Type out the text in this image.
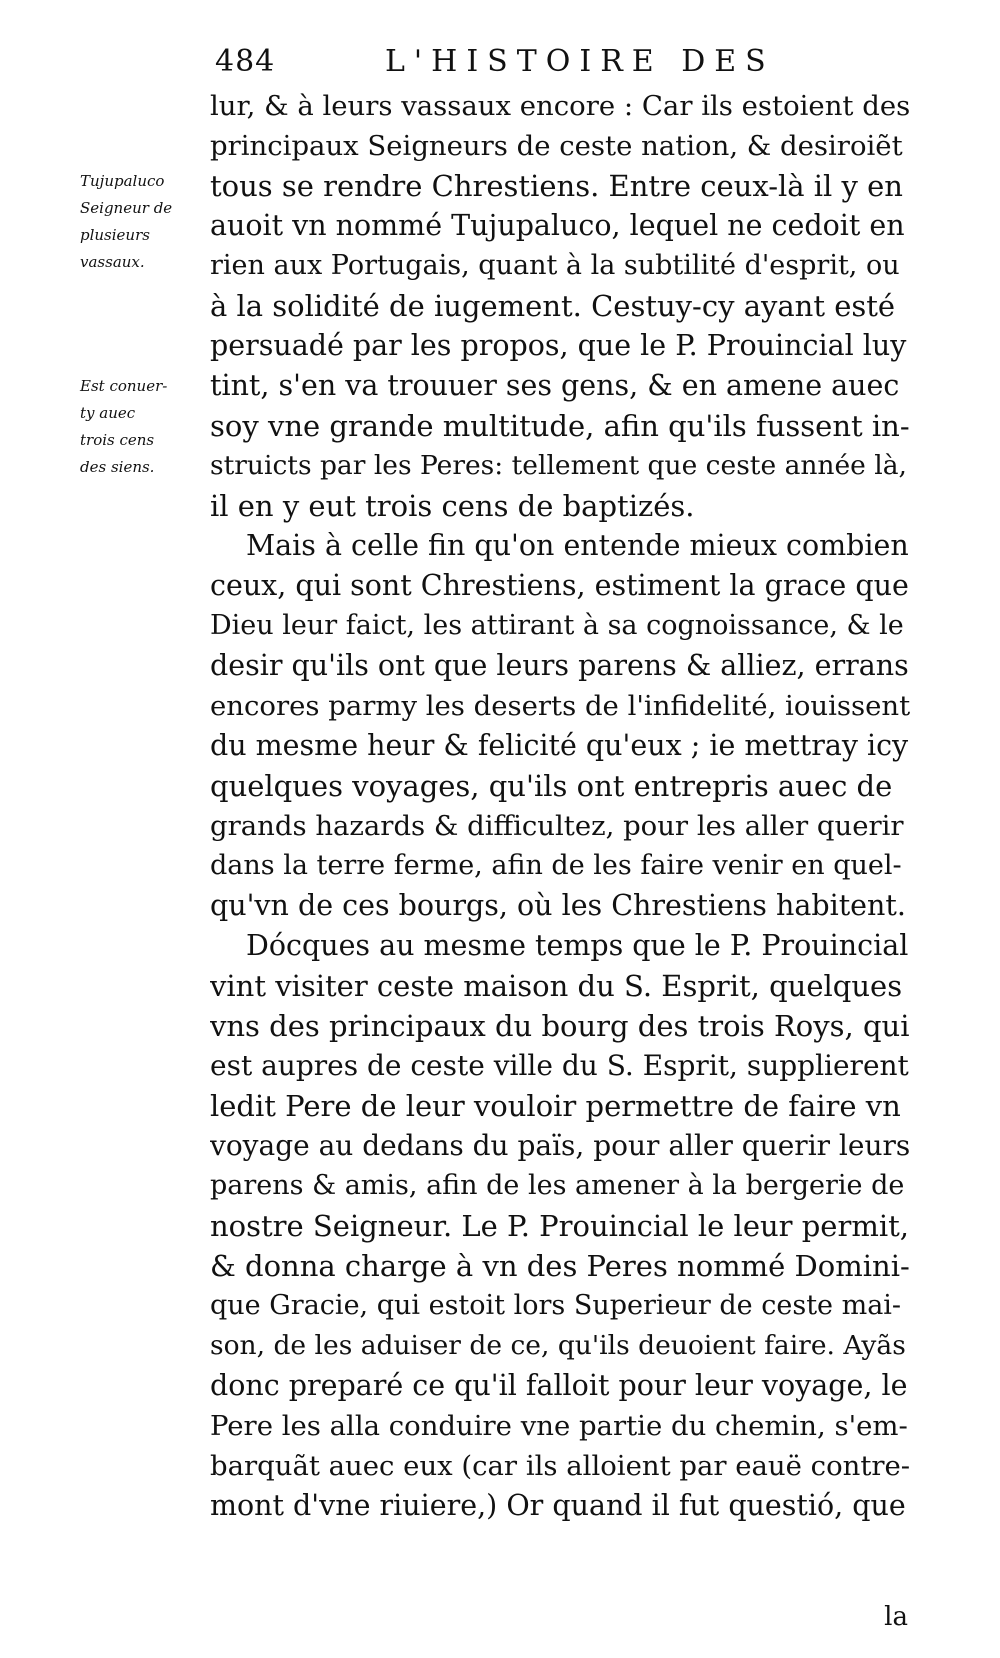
484	L'HISTOIRE DES

Tujupaluco

Seigneur de

plusieurs

vassaux.

Est conuer-

ty auec

trois cens

des siens.

lur, & à leurs vassaux encore : Car ils estoient des
principaux Seigneurs de ceste nation, & desiroiẽt
tous se rendre Chrestiens. Entre ceux-là il y en
auoit vn nommé Tujupaluco, lequel ne cedoit en
rien aux Portugais, quant à la subtilité d'esprit, ou
à la solidité de iugement. Cestuy-cy ayant esté
persuadé par les propos, que le P. Prouincial luy
tint, s'en va trouuer ses gens, & en amene auec
soy vne grande multitude, afin qu'ils fussent in-
struicts par les Peres: tellement que ceste année là,
il en y eut trois cens de baptizés.
Mais à celle fin qu'on entende mieux combien
ceux, qui sont Chrestiens, estiment la grace que
Dieu leur faict, les attirant à sa cognoissance, & le
desir qu'ils ont que leurs parens & alliez, errans
encores parmy les deserts de l'infidelité, iouissent
du mesme heur & felicité qu'eux ; ie mettray icy
quelques voyages, qu'ils ont entrepris auec de
grands hazards & difficultez, pour les aller querir
dans la terre ferme, afin de les faire venir en quel-
qu'vn de ces bourgs, où les Chrestiens habitent.
Dócques au mesme temps que le P. Prouincial
vint visiter ceste maison du S. Esprit, quelques
vns des principaux du bourg des trois Roys, qui
est aupres de ceste ville du S. Esprit, supplierent
ledit Pere de leur vouloir permettre de faire vn
voyage au dedans du païs, pour aller querir leurs
parens & amis, afin de les amener à la bergerie de
nostre Seigneur. Le P. Prouincial le leur permit,
& donna charge à vn des Peres nommé Domini-
que Gracie, qui estoit lors Superieur de ceste mai-
son, de les aduiser de ce, qu'ils deuoient faire. Ayãs
donc preparé ce qu'il falloit pour leur voyage, le
Pere les alla conduire vne partie du chemin, s'em-
barquãt auec eux (car ils alloient par eauë contre-
mont d'vne riuiere,) Or quand il fut questió, que
la
